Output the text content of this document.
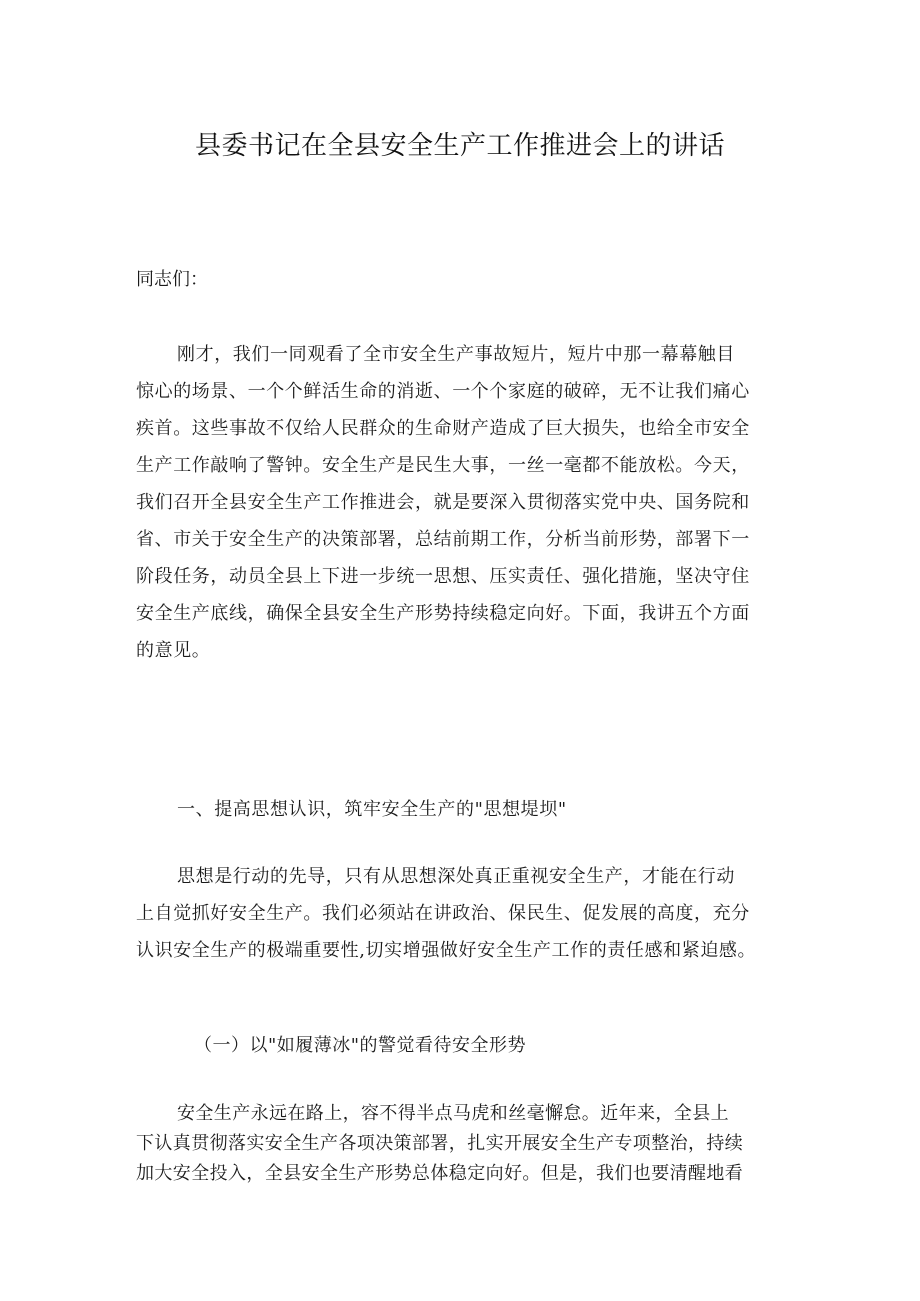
县委书记在全县安全生产工作推进会上的讲话

同志们：

刚才，我们一同观看了全市安全生产事故短片，短片中那一幕幕触目
惊心的场景、一个个鲜活生命的消逝、一个个家庭的破碎，无不让我们痛心
疾首。这些事故不仅给人民群众的生命财产造成了巨大损失，也给全市安全
生产工作敲响了警钟。安全生产是民生大事，一丝一毫都不能放松。今天，
我们召开全县安全生产工作推进会，就是要深入贯彻落实党中央、国务院和
省、市关于安全生产的决策部署，总结前期工作，分析当前形势，部署下一
阶段任务，动员全县上下进一步统一思想、压实责任、强化措施，坚决守住
安全生产底线，确保全县安全生产形势持续稳定向好。下面，我讲五个方面
的意见。
一、提高思想认识，筑牢安全生产的"思想堤坝"
思想是行动的先导，只有从思想深处真正重视安全生产，才能在行动
上自觉抓好安全生产。我们必须站在讲政治、保民生、促发展的高度，充分
认识安全生产的极端重要性,切实增强做好安全生产工作的责任感和紧迫感。
（一）以"如履薄冰"的警觉看待安全形势
安全生产永远在路上，容不得半点马虎和丝毫懈怠。近年来，全县上
下认真贯彻落实安全生产各项决策部署，扎实开展安全生产专项整治，持续
加大安全投入，全县安全生产形势总体稳定向好。但是，我们也要清醒地看
